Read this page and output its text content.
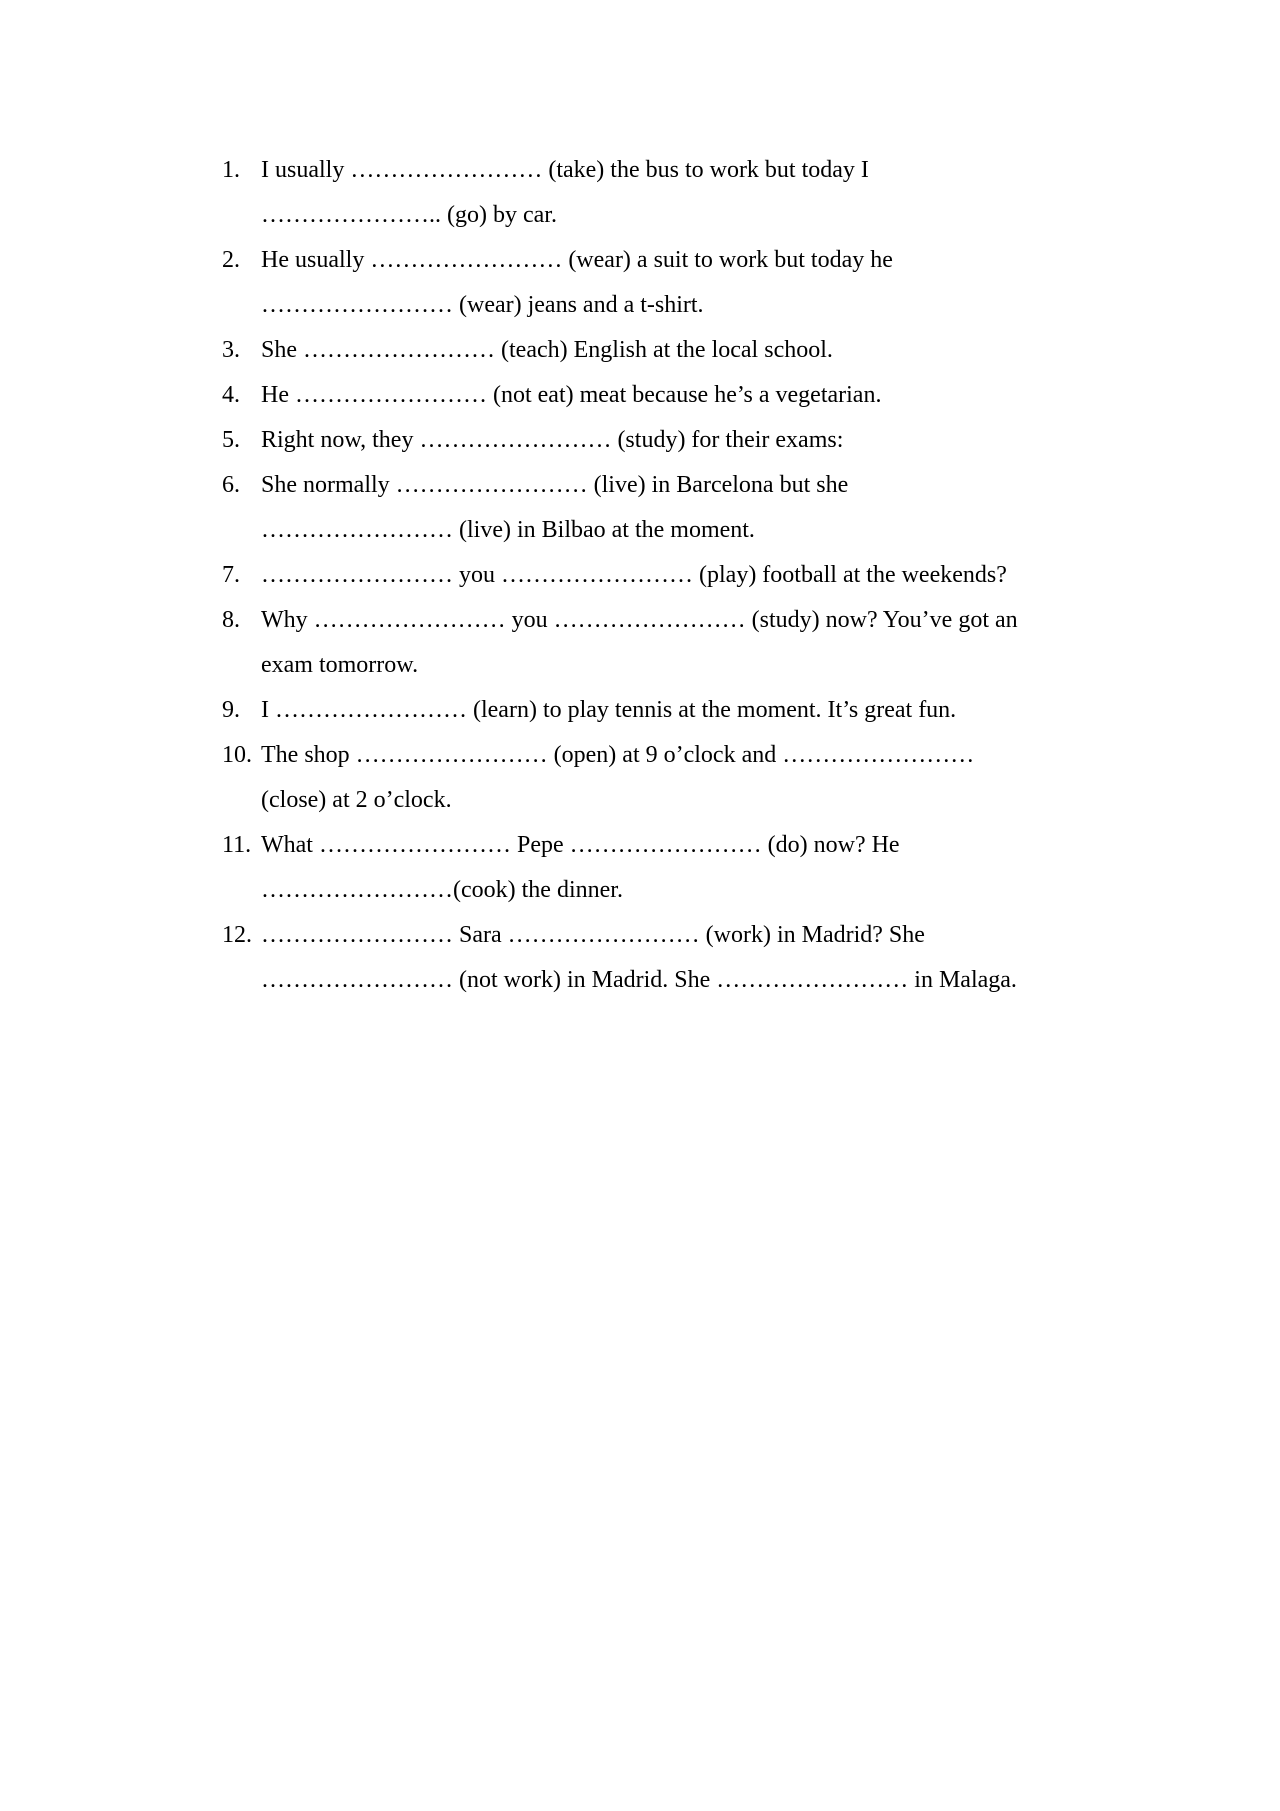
1. I usually …………………… (take) the bus to work but today I
………………….. (go) by car.
2. He usually …………………… (wear) a suit to work but today he
…………………… (wear) jeans and a t-shirt.
3. She …………………… (teach) English at the local school.
4. He …………………… (not eat) meat because he’s a vegetarian.
5. Right now, they …………………… (study) for their exams:
6. She normally …………………… (live) in Barcelona but she
…………………… (live) in Bilbao at the moment.
7. …………………… you …………………… (play) football at the weekends?
8. Why …………………… you …………………… (study) now? You’ve got an
exam tomorrow.
9. I …………………… (learn) to play tennis at the moment. It’s great fun.
10. The shop …………………… (open) at 9 o’clock and ……………………
(close) at 2 o’clock.
11. What …………………… Pepe …………………… (do) now? He
……………………(cook) the dinner.
12. …………………… Sara …………………… (work) in Madrid? She
…………………… (not work) in Madrid. She …………………… in Malaga.
